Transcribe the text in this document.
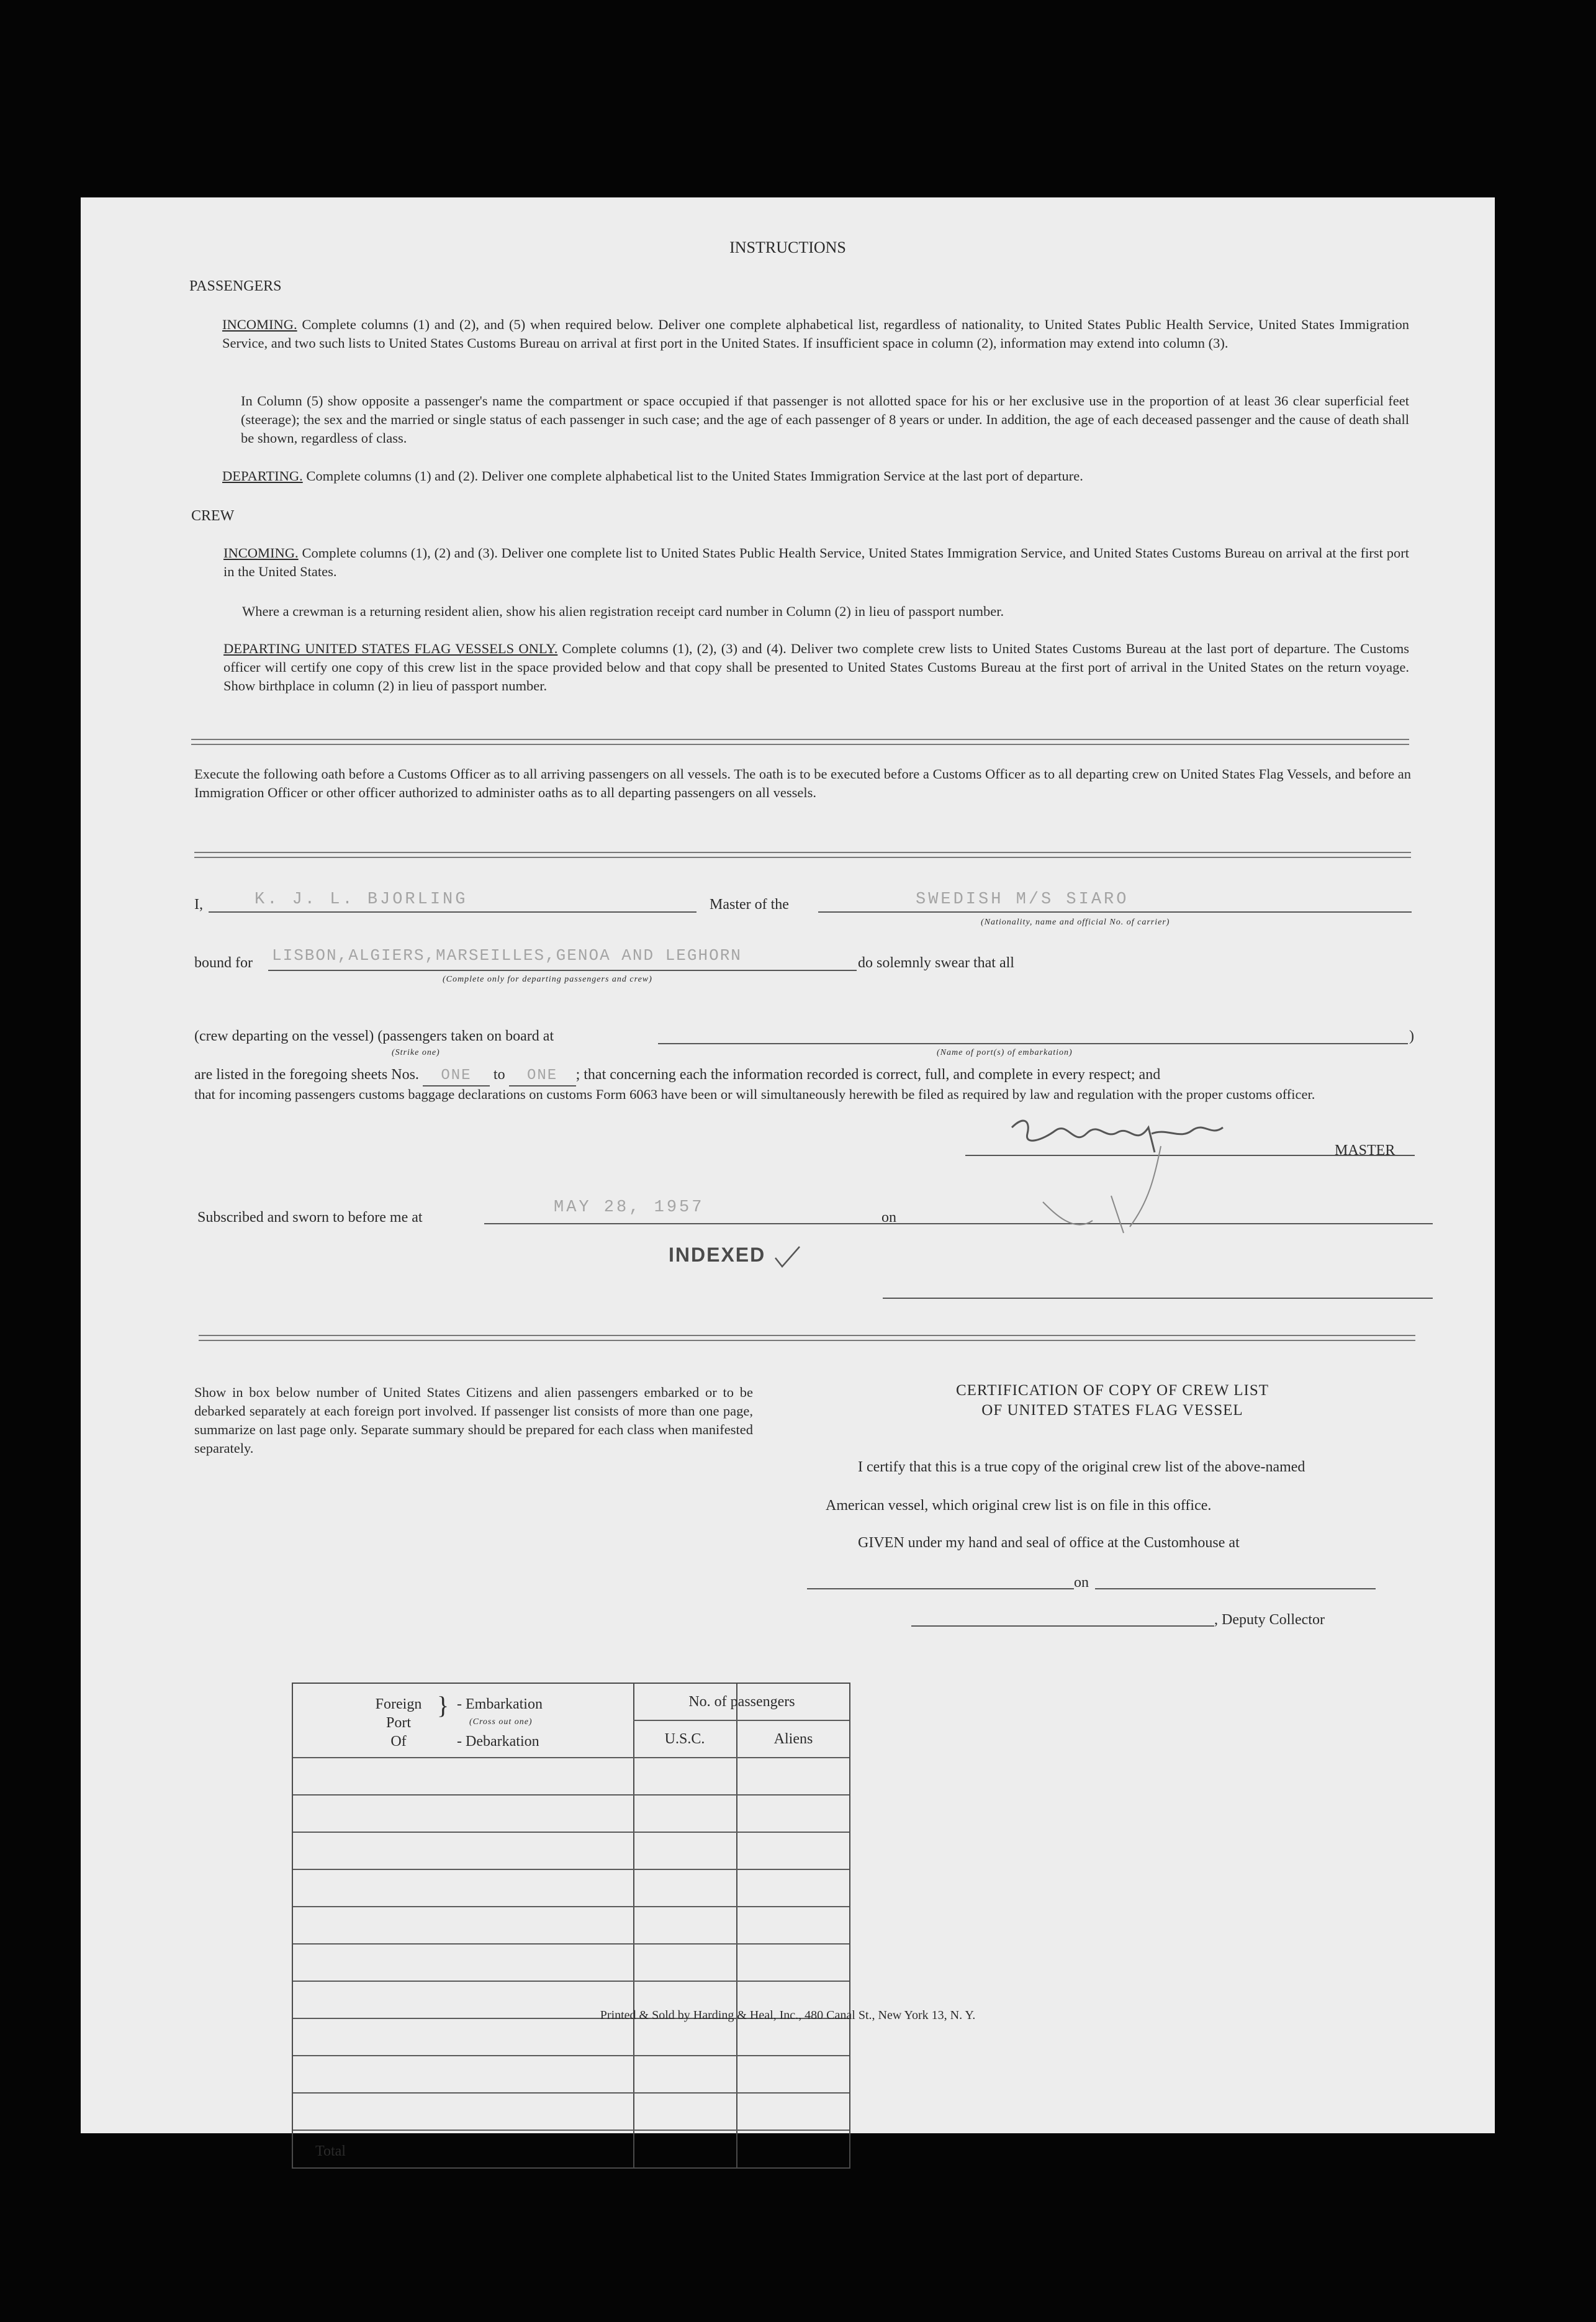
INSTRUCTIONS
PASSENGERS
INCOMING. Complete columns (1) and (2), and (5) when required below. Deliver one complete alphabetical list, regardless of nationality, to United States Public Health Service, United States Immigration Service, and two such lists to United States Customs Bureau on arrival at first port in the United States. If insufficient space in column (2), information may extend into column (3).
In Column (5) show opposite a passenger's name the compartment or space occupied if that passenger is not allotted space for his or her exclusive use in the proportion of at least 36 clear superficial feet (steerage); the sex and the married or single status of each passenger in such case; and the age of each passenger of 8 years or under. In addition, the age of each deceased passenger and the cause of death shall be shown, regardless of class.
DEPARTING. Complete columns (1) and (2). Deliver one complete alphabetical list to the United States Immigration Service at the last port of departure.
CREW
INCOMING. Complete columns (1), (2) and (3). Deliver one complete list to United States Public Health Service, United States Immigration Service, and United States Customs Bureau on arrival at the first port in the United States.
Where a crewman is a returning resident alien, show his alien registration receipt card number in Column (2) in lieu of passport number.
DEPARTING UNITED STATES FLAG VESSELS ONLY. Complete columns (1), (2), (3) and (4). Deliver two complete crew lists to United States Customs Bureau at the last port of departure. The Customs officer will certify one copy of this crew list in the space provided below and that copy shall be presented to United States Customs Bureau at the first port of arrival in the United States on the return voyage. Show birthplace in column (2) in lieu of passport number.
Execute the following oath before a Customs Officer as to all arriving passengers on all vessels. The oath is to be executed before a Customs Officer as to all departing crew on United States Flag Vessels, and before an Immigration Officer or other officer authorized to administer oaths as to all departing passengers on all vessels.
I,	K. J. L. BJORLING	Master of the	SWEDISH M/S SIARO
(Nationality, name and official No. of carrier)
bound for LISBON,ALGIERS,MARSEILLES,GENOA AND LEGHORN
(Complete only for departing passengers and crew)
do solemnly swear that all
(crew departing on the vessel) (passengers taken on board at	)
(Strike one)	(Name of port(s) of embarkation)
are listed in the foregoing sheets Nos. ONE to ONE ; that concerning each the information recorded is correct, full, and complete in every respect; and
that for incoming passengers customs baggage declarations on customs Form 6063 have been or will simultaneously herewith be filed as required by law and regulation with the proper customs officer.
MASTER
Subscribed and sworn to before me at
MAY 28, 1957
on
Show in box below number of United States Citizens and alien passengers embarked or to be debarked separately at each foreign port involved. If passenger list consists of more than one page, summarize on last page only. Separate summary should be prepared for each class when manifested separately.
Foreign
Port
Of
} - Embarkation
(Cross out one)
- Debarkation
No. of passengers
U.S.C.	Aliens
Total
CERTIFICATION OF COPY OF CREW LIST
OF UNITED STATES FLAG VESSEL
I certify that this is a true copy of the original crew list of the above-named
American vessel, which original crew list is on file in this office.
GIVEN under my hand and seal of office at the Customhouse at
on
, Deputy Collector
Printed & Sold by Harding & Heal, Inc., 480 Canal St., New York 13, N. Y.
INDEXED
